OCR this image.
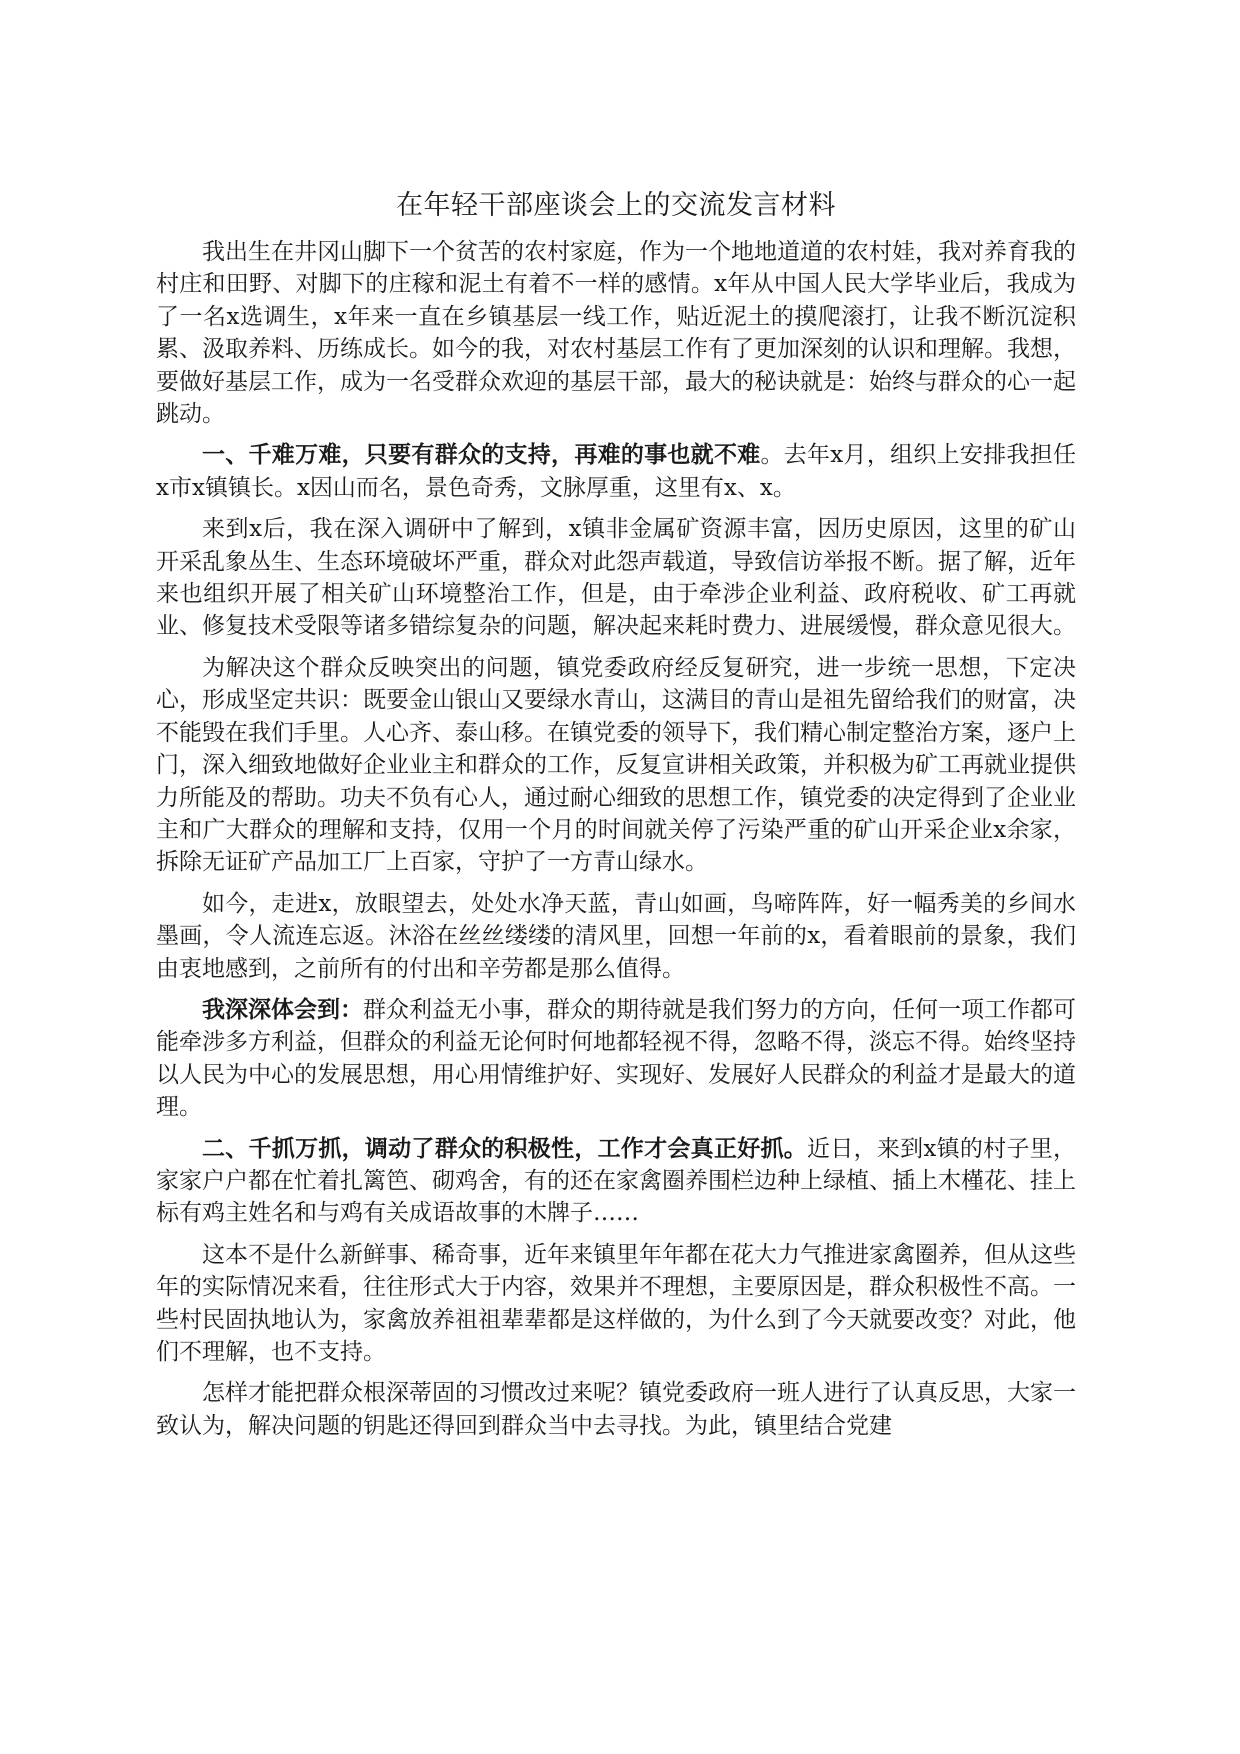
在年轻干部座谈会上的交流发言材料

我出生在井冈山脚下一个贫苦的农村家庭，作为一个地地道道的农村娃，我对养育我的村庄和田野、对脚下的庄稼和泥土有着不一样的感情。x年从中国人民大学毕业后，我成为了一名x选调生，x年来一直在乡镇基层一线工作，贴近泥土的摸爬滚打，让我不断沉淀积累、汲取养料、历练成长。如今的我，对农村基层工作有了更加深刻的认识和理解。我想，要做好基层工作，成为一名受群众欢迎的基层干部，最大的秘诀就是：始终与群众的心一起跳动。

一、千难万难，只要有群众的支持，再难的事也就不难。去年x月，组织上安排我担任x市x镇镇长。x因山而名，景色奇秀，文脉厚重，这里有x、x。

来到x后，我在深入调研中了解到，x镇非金属矿资源丰富，因历史原因，这里的矿山开采乱象丛生、生态环境破坏严重，群众对此怨声载道，导致信访举报不断。据了解，近年来也组织开展了相关矿山环境整治工作，但是，由于牵涉企业利益、政府税收、矿工再就业、修复技术受限等诸多错综复杂的问题，解决起来耗时费力、进展缓慢，群众意见很大。

为解决这个群众反映突出的问题，镇党委政府经反复研究，进一步统一思想，下定决心，形成坚定共识：既要金山银山又要绿水青山，这满目的青山是祖先留给我们的财富，决不能毁在我们手里。人心齐、泰山移。在镇党委的领导下，我们精心制定整治方案，逐户上门，深入细致地做好企业业主和群众的工作，反复宣讲相关政策，并积极为矿工再就业提供力所能及的帮助。功夫不负有心人，通过耐心细致的思想工作，镇党委的决定得到了企业业主和广大群众的理解和支持，仅用一个月的时间就关停了污染严重的矿山开采企业x余家，拆除无证矿产品加工厂上百家，守护了一方青山绿水。

如今，走进x，放眼望去，处处水净天蓝，青山如画，鸟啼阵阵，好一幅秀美的乡间水墨画，令人流连忘返。沐浴在丝丝缕缕的清风里，回想一年前的x，看着眼前的景象，我们由衷地感到，之前所有的付出和辛劳都是那么值得。

我深深体会到：群众利益无小事，群众的期待就是我们努力的方向，任何一项工作都可能牵涉多方利益，但群众的利益无论何时何地都轻视不得，忽略不得，淡忘不得。始终坚持以人民为中心的发展思想，用心用情维护好、实现好、发展好人民群众的利益才是最大的道理。

二、千抓万抓，调动了群众的积极性，工作才会真正好抓。近日，来到x镇的村子里，家家户户都在忙着扎篱笆、砌鸡舍，有的还在家禽圈养围栏边种上绿植、插上木槿花、挂上标有鸡主姓名和与鸡有关成语故事的木牌子……

这本不是什么新鲜事、稀奇事，近年来镇里年年都在花大力气推进家禽圈养，但从这些年的实际情况来看，往往形式大于内容，效果并不理想，主要原因是，群众积极性不高。一些村民固执地认为，家禽放养祖祖辈辈都是这样做的，为什么到了今天就要改变？对此，他们不理解，也不支持。

怎样才能把群众根深蒂固的习惯改过来呢？镇党委政府一班人进行了认真反思，大家一致认为，解决问题的钥匙还得回到群众当中去寻找。为此，镇里结合党建
